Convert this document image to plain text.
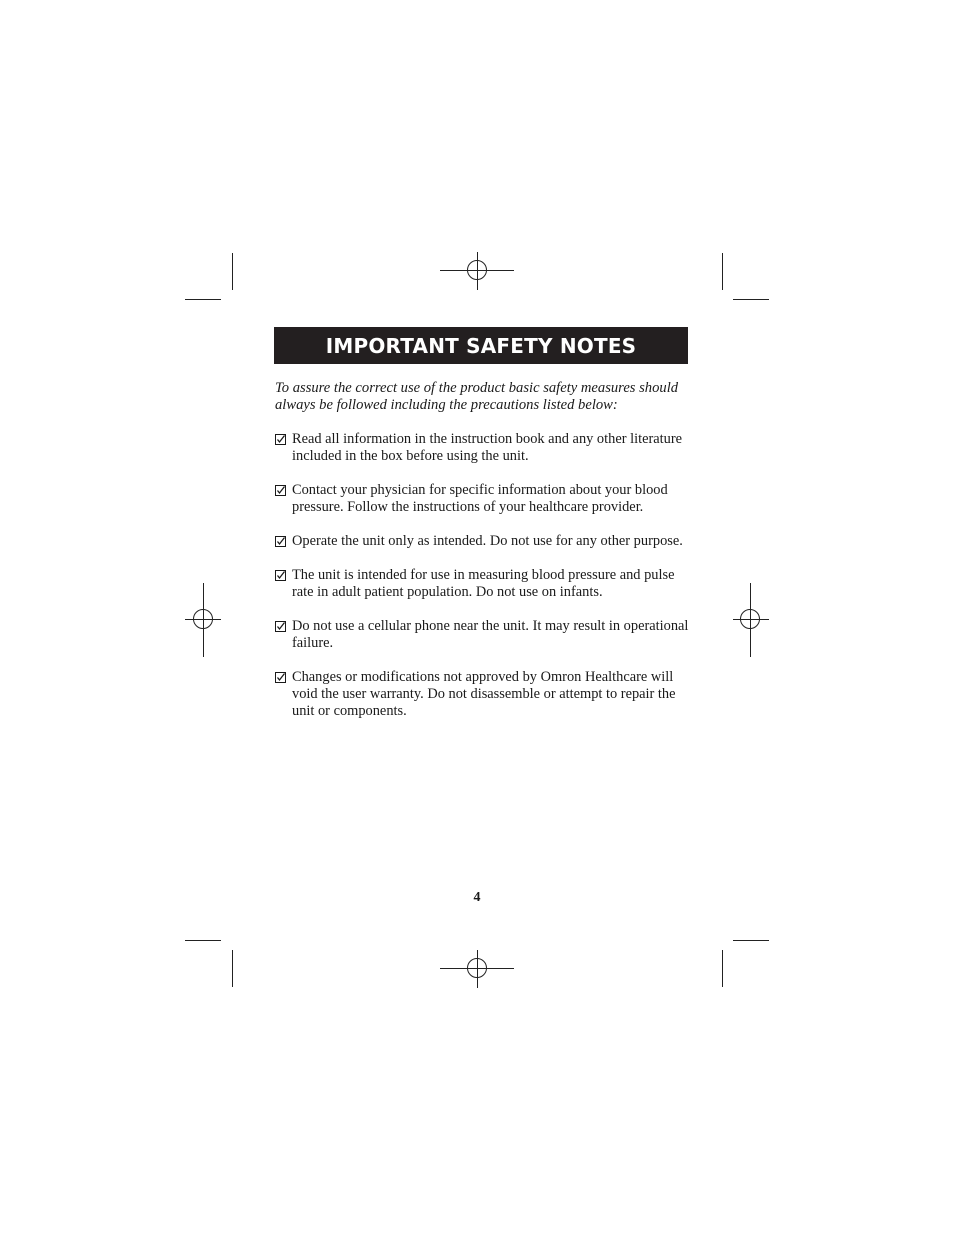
IMPORTANT SAFETY NOTES

To assure the correct use of the product basic safety measures should always be followed including the precautions listed below:

Read all information in the instruction book and any other literature included in the box before using the unit.
Contact your physician for specific information about your blood pressure. Follow the instructions of your healthcare provider.
Operate the unit only as intended. Do not use for any other purpose.
The unit is intended for use in measuring blood pressure and pulse rate in adult patient population. Do not use on infants.
Do not use a cellular phone near the unit. It may result in operational failure.
Changes or modifications not approved by Omron Healthcare will void the user warranty. Do not disassemble or attempt to repair the unit or components.
4
